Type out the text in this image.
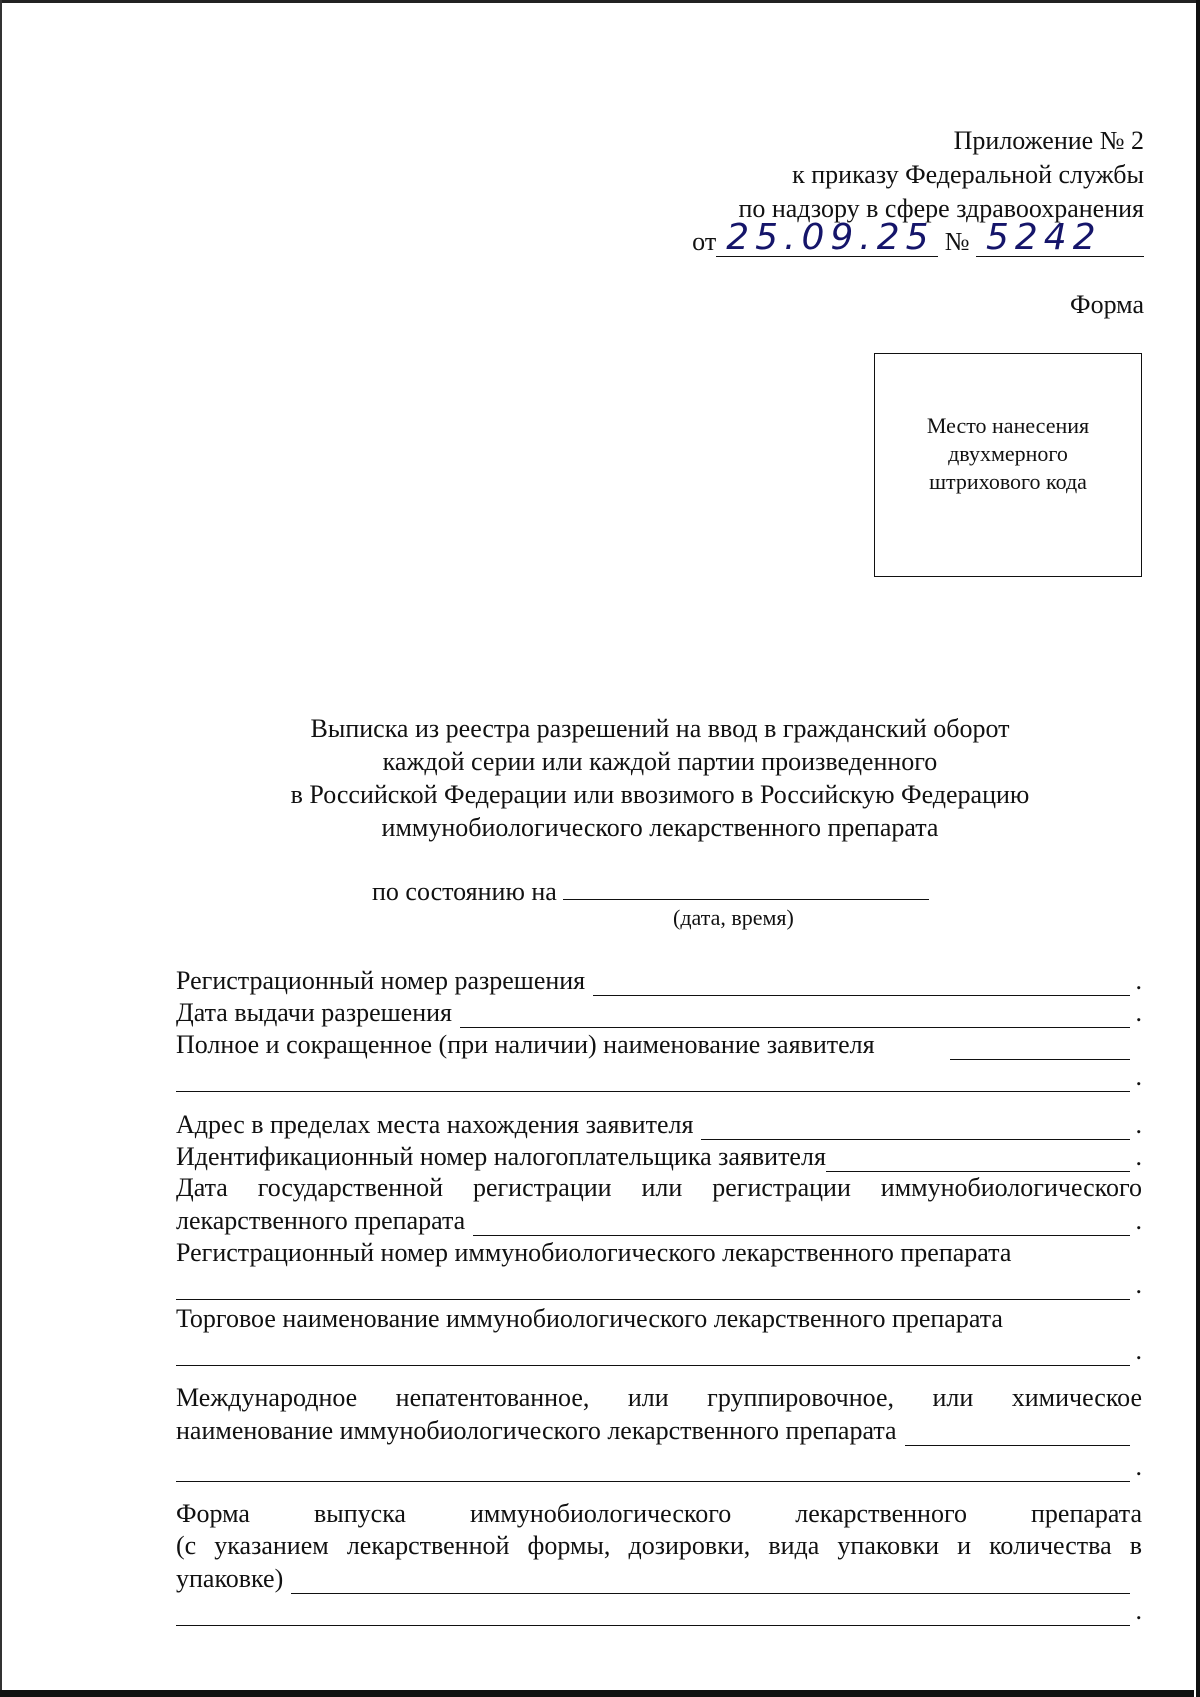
Приложение № 2
к приказу Федеральной службы
по надзору в сфере здравоохранения
от 25.09.25 № 5242
Форма
Место нанесения
двухмерного
штрихового кода
Выписка из реестра разрешений на ввод в гражданский оборот
каждой серии или каждой партии произведенного
в Российской Федерации или ввозимого в Российскую Федерацию
иммунобиологического лекарственного препарата
по состоянию на
(дата, время)
Регистрационный номер разрешения	.
Дата выдачи разрешения	.
Полное и сокращенное (при наличии) наименование заявителя
.
Адрес в пределах места нахождения заявителя	.
Идентификационный номер налогоплательщика заявителя	.
Дата государственной регистрации или регистрации иммунобиологического
лекарственного препарата	.
Регистрационный номер иммунобиологического лекарственного препарата
.
Торговое наименование иммунобиологического лекарственного препарата
.
Международное непатентованное, или группировочное, или химическое
наименование иммунобиологического лекарственного препарата
.
Форма выпуска иммунобиологического лекарственного препарата
(с указанием лекарственной формы, дозировки, вида упаковки и количества в
упаковке)
.
